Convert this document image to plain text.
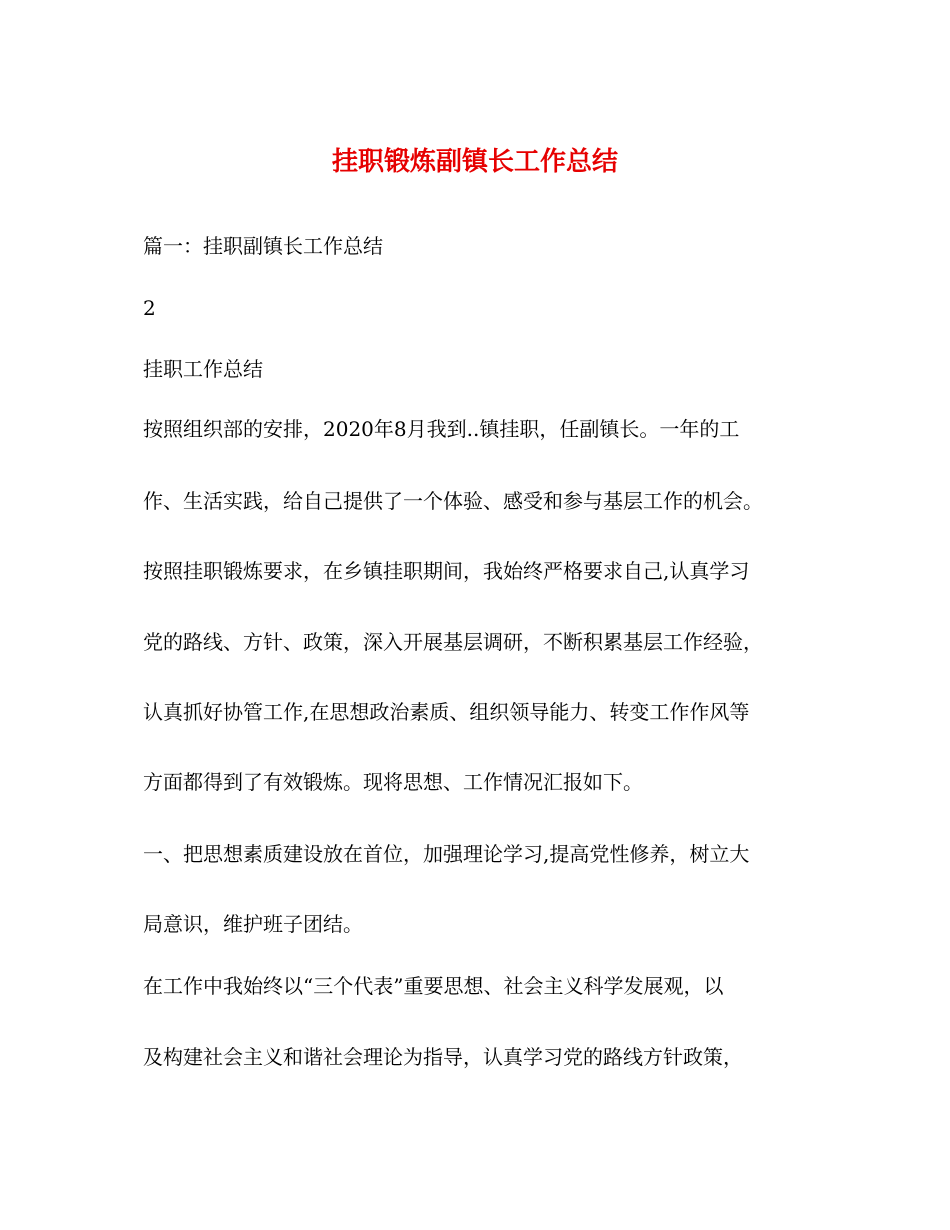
挂职锻炼副镇长工作总结

篇一：挂职副镇长工作总结

2

挂职工作总结

按照组织部的安排，2020年8月我到..镇挂职，任副镇长。一年的工

作、生活实践，给自己提供了一个体验、感受和参与基层工作的机会。

按照挂职锻炼要求，在乡镇挂职期间，我始终严格要求自己,认真学习

党的路线、方针、政策，深入开展基层调研，不断积累基层工作经验，

认真抓好协管工作,在思想政治素质、组织领导能力、转变工作作风等

方面都得到了有效锻炼。现将思想、工作情况汇报如下。

一、把思想素质建设放在首位，加强理论学习,提高党性修养，树立大

局意识，维护班子团结。

在工作中我始终以“三个代表”重要思想、社会主义科学发展观，以

及构建社会主义和谐社会理论为指导，认真学习党的路线方针政策，
